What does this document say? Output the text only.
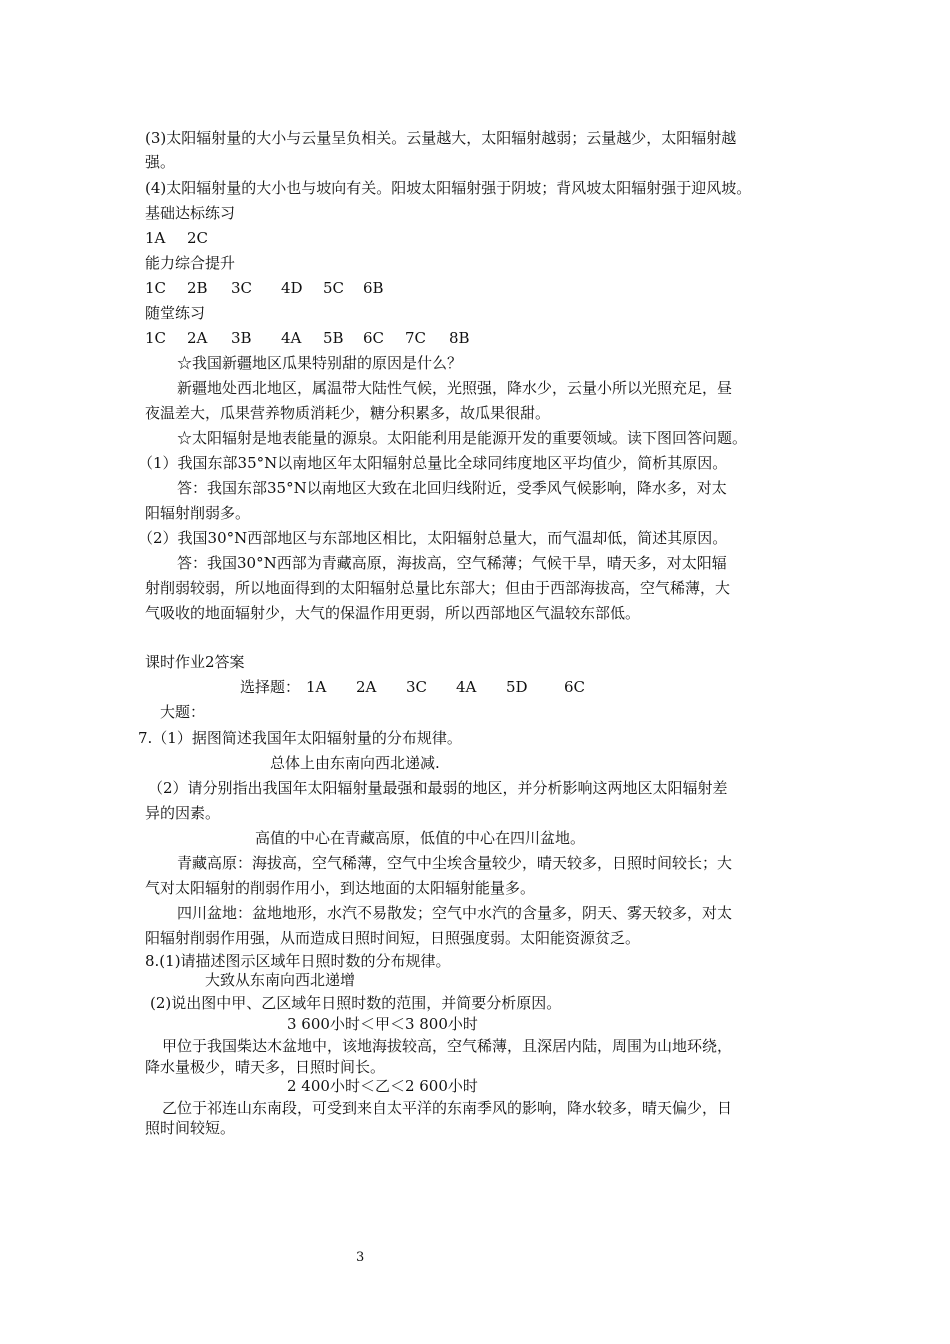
(3)太阳辐射量的大小与云量呈负相关。云量越大，太阳辐射越弱；云量越少，太阳辐射越
强。
(4)太阳辐射量的大小也与坡向有关。阳坡太阳辐射强于阴坡；背风坡太阳辐射强于迎风坡。
基础达标练习
1A 2C
能力综合提升
1C 2B 3C 4D 5C 6B
随堂练习
1C 2A 3B 4A 5B 6C 7C 8B
☆我国新疆地区瓜果特别甜的原因是什么？
新疆地处西北地区，属温带大陆性气候，光照强，降水少，云量小所以光照充足，昼
夜温差大，瓜果营养物质消耗少，糖分积累多，故瓜果很甜。
☆太阳辐射是地表能量的源泉。太阳能利用是能源开发的重要领域。读下图回答问题。
（1）我国东部35°N以南地区年太阳辐射总量比全球同纬度地区平均值少，简析其原因。
答：我国东部35°N以南地区大致在北回归线附近，受季风气候影响，降水多，对太
阳辐射削弱多。
（2）我国30°N西部地区与东部地区相比，太阳辐射总量大，而气温却低，简述其原因。
答：我国30°N西部为青藏高原，海拔高，空气稀薄；气候干旱，晴天多，对太阳辐
射削弱较弱，所以地面得到的太阳辐射总量比东部大；但由于西部海拔高，空气稀薄，大
气吸收的地面辐射少，大气的保温作用更弱，所以西部地区气温较东部低。
课时作业2答案
选择题： 1A 2A 3C 4A 5D 6C
大题：
7.（1）据图简述我国年太阳辐射量的分布规律。
总体上由东南向西北递减.
（2）请分别指出我国年太阳辐射量最强和最弱的地区，并分析影响这两地区太阳辐射差
异的因素。
高值的中心在青藏高原，低值的中心在四川盆地。
青藏高原：海拔高，空气稀薄，空气中尘埃含量较少，晴天较多，日照时间较长；大
气对太阳辐射的削弱作用小，到达地面的太阳辐射能量多。
四川盆地：盆地地形，水汽不易散发；空气中水汽的含量多，阴天、雾天较多，对太
阳辐射削弱作用强，从而造成日照时间短，日照强度弱。太阳能资源贫乏。
8.(1)请描述图示区域年日照时数的分布规律。
大致从东南向西北递增
(2)说出图中甲、乙区域年日照时数的范围，并简要分析原因。
3 600小时＜甲＜3 800小时
甲位于我国柴达木盆地中，该地海拔较高，空气稀薄，且深居内陆，周围为山地环绕，
降水量极少，晴天多，日照时间长。
2 400小时＜乙＜2 600小时
乙位于祁连山东南段，可受到来自太平洋的东南季风的影响，降水较多，晴天偏少，日
照时间较短。
3
